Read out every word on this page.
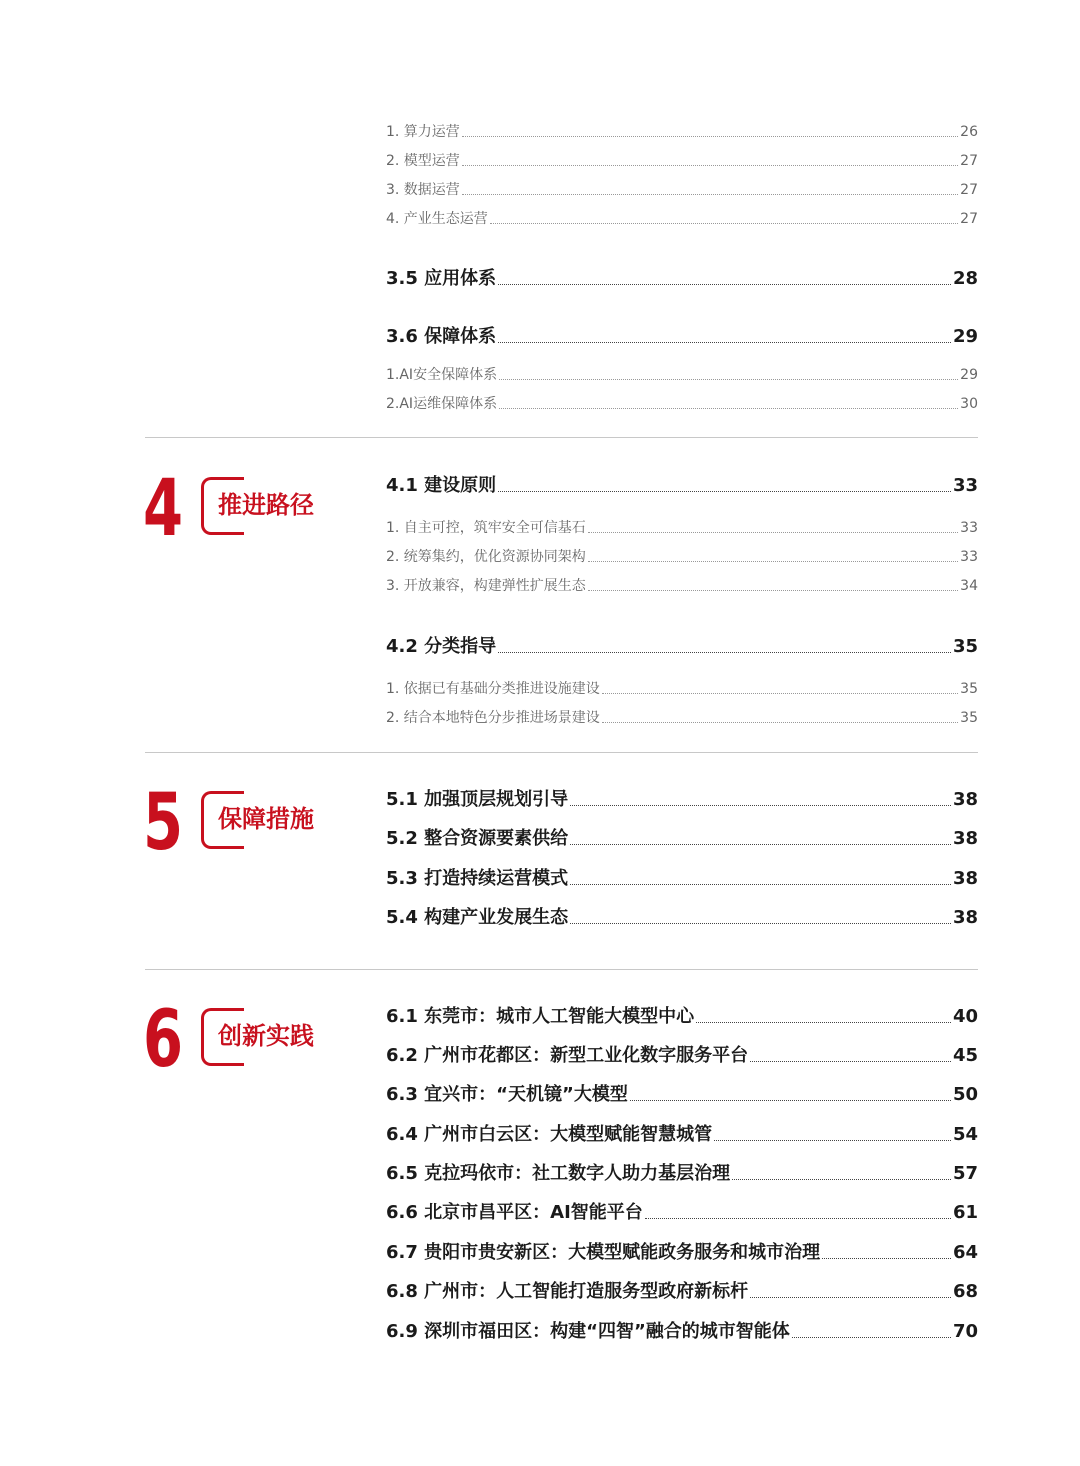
1. 算力运营	26
2. 模型运营	27
3. 数据运营	27
4. 产业生态运营	27
3.5 应用体系	28
3.6 保障体系	29
1.AI安全保障体系	29
2.AI运维保障体系	30
4 推进路径
4.1 建设原则	33
1. 自主可控，筑牢安全可信基石	33
2. 统筹集约，优化资源协同架构	33
3. 开放兼容，构建弹性扩展生态	34
4.2 分类指导	35
1. 依据已有基础分类推进设施建设	35
2. 结合本地特色分步推进场景建设	35
5 保障措施
5.1 加强顶层规划引导	38
5.2 整合资源要素供给	38
5.3 打造持续运营模式	38
5.4 构建产业发展生态	38
6 创新实践
6.1 东莞市：城市人工智能大模型中心	40
6.2 广州市花都区：新型工业化数字服务平台	45
6.3 宜兴市：“天机镜”大模型	50
6.4 广州市白云区：大模型赋能智慧城管	54
6.5 克拉玛依市：社工数字人助力基层治理	57
6.6 北京市昌平区：AI智能平台	61
6.7 贵阳市贵安新区：大模型赋能政务服务和城市治理	64
6.8 广州市：人工智能打造服务型政府新标杆	68
6.9 深圳市福田区：构建“四智”融合的城市智能体	70
